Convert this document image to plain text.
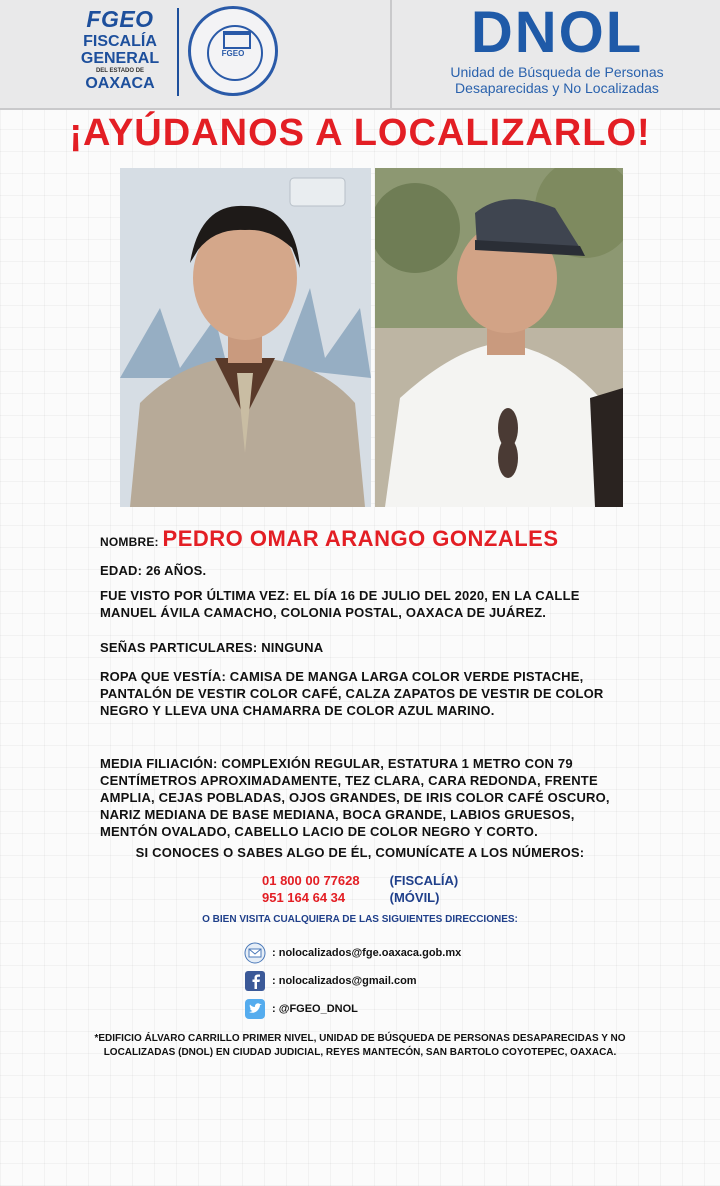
FGEO
FISCALÍA
GENERAL
DEL ESTADO DE
OAXACA
FGEO	DNOL
Unidad de Búsqueda de Personas
Desaparecidas y No Localizadas
¡AYÚDANOS A LOCALIZARLO!
NOMBRE: PEDRO OMAR ARANGO GONZALES
EDAD: 26 AÑOS.
FUE VISTO POR ÚLTIMA VEZ: EL DÍA 16 DE JULIO DEL 2020, EN LA CALLE
MANUEL ÁVILA CAMACHO, COLONIA POSTAL, OAXACA DE JUÁREZ.
SEÑAS PARTICULARES: NINGUNA
ROPA QUE VESTÍA: CAMISA DE MANGA LARGA COLOR VERDE PISTACHE,
PANTALÓN DE VESTIR COLOR CAFÉ, CALZA ZAPATOS DE VESTIR DE COLOR
NEGRO Y LLEVA UNA CHAMARRA DE COLOR AZUL MARINO.
MEDIA FILIACIÓN: COMPLEXIÓN REGULAR, ESTATURA 1 METRO CON 79
CENTÍMETROS APROXIMADAMENTE, TEZ CLARA, CARA REDONDA, FRENTE
AMPLIA, CEJAS POBLADAS, OJOS GRANDES, DE IRIS COLOR CAFÉ OSCURO,
NARIZ MEDIANA DE BASE MEDIANA, BOCA GRANDE, LABIOS GRUESOS,
MENTÓN OVALADO, CABELLO LACIO DE COLOR NEGRO Y CORTO.
SI CONOCES O SABES ALGO DE ÉL, COMUNÍCATE A LOS NÚMEROS:
01 800 00 77628 (FISCALÍA)
951 164 64 34	(MÓVIL)
O BIEN VISITA CUALQUIERA DE LAS SIGUIENTES DIRECCIONES:
: nolocalizados@fge.oaxaca.gob.mx
: nolocalizados@gmail.com
: @FGEO_DNOL
*EDIFICIO ÁLVARO CARRILLO PRIMER NIVEL, UNIDAD DE BÚSQUEDA DE PERSONAS DESAPARECIDAS Y NO
LOCALIZADAS (DNOL) EN CIUDAD JUDICIAL, REYES MANTECÓN, SAN BARTOLO COYOTEPEC, OAXACA.
